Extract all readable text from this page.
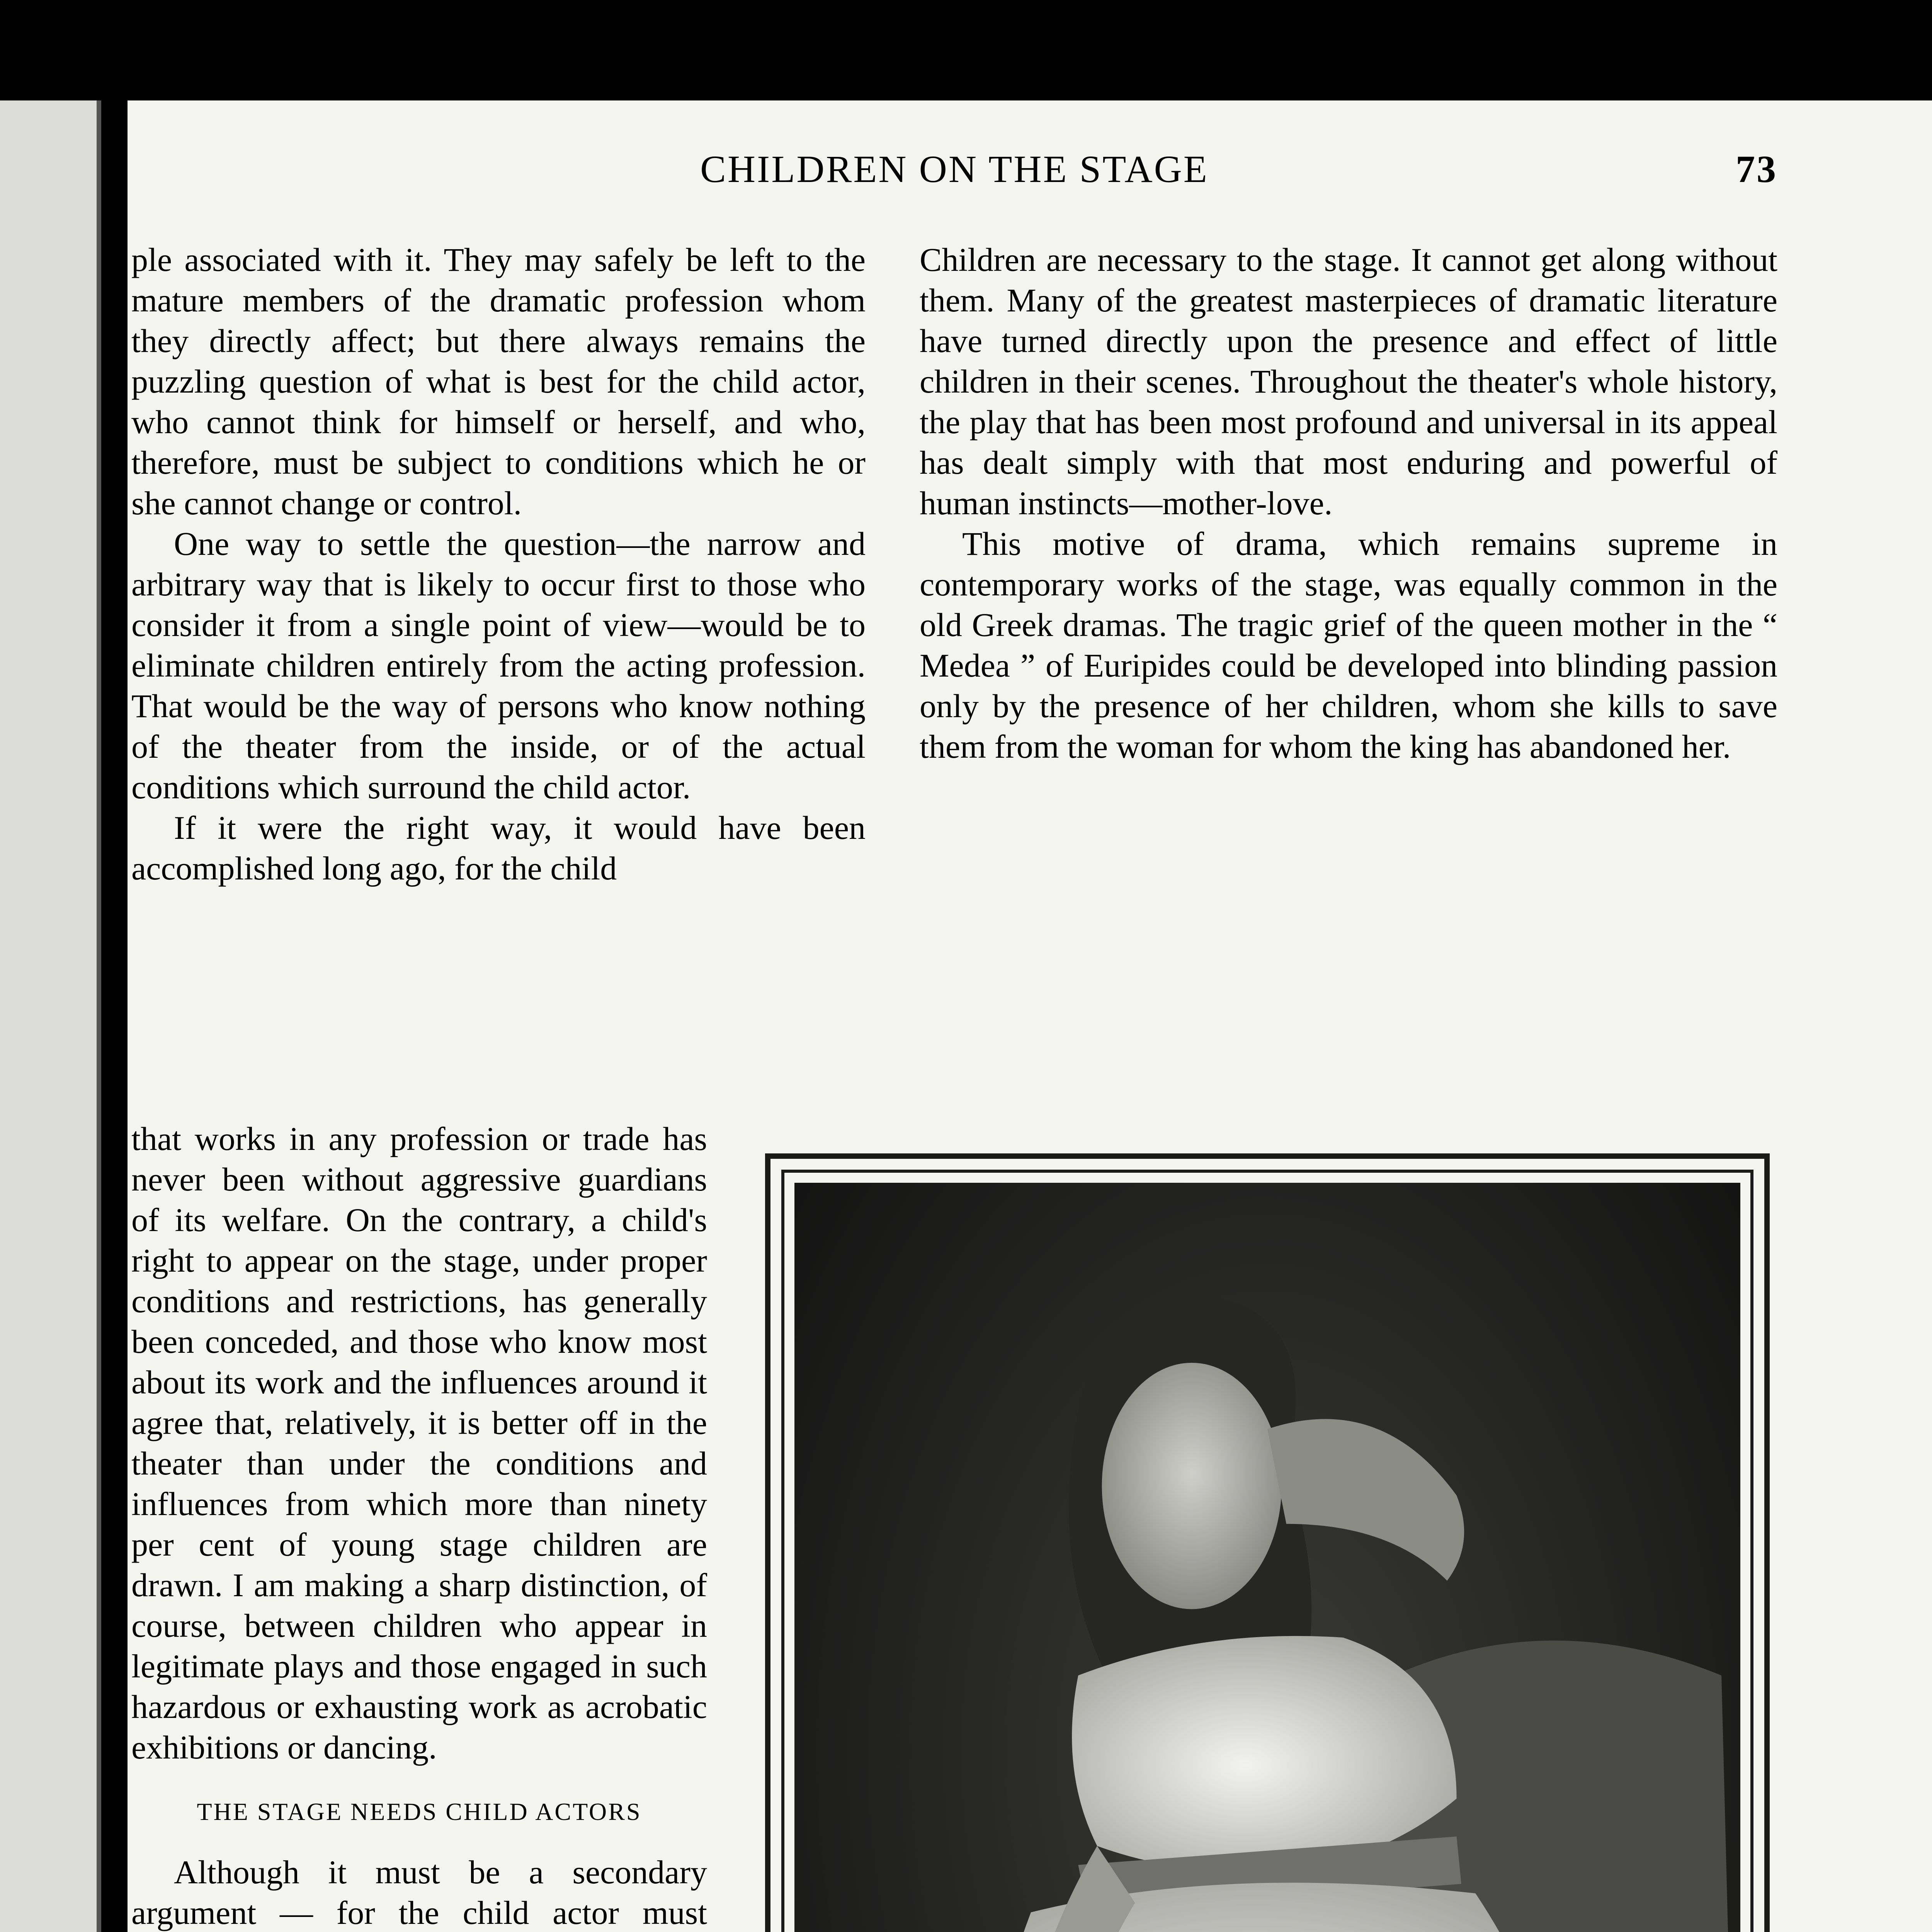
CHILDREN ON THE STAGE	73

ple associated with it. They may safely be left to the mature members of the dramatic profession whom they directly affect; but there always remains the puzzling question of what is best for the child actor, who cannot think for himself or herself, and who, therefore, must be subject to conditions which he or she cannot change or control.

One way to settle the question—the narrow and arbitrary way that is likely to occur first to those who consider it from a single point of view—would be to eliminate children entirely from the acting profession. That would be the way of persons who know nothing of the theater from the inside, or of the actual conditions which surround the child actor.

If it were the right way, it would have been accomplished long ago, for the child

that works in any profession or trade has never been without aggressive guardians of its welfare. On the contrary, a child's right to appear on the stage, under proper conditions and restrictions, has generally been conceded, and those who know most about its work and the influences around it agree that, relatively, it is better off in the theater than under the conditions and influences from which more than ninety per cent of young stage children are drawn. I am making a sharp distinction, of course, between children who appear in legitimate plays and those engaged in such hazardous or exhausting work as acrobatic exhibitions or dancing.

THE STAGE NEEDS CHILD ACTORS

Although it must be a secondary argument — for the child actor must

Children are necessary to the stage. It cannot get along without them. Many of the greatest masterpieces of dramatic literature have turned directly upon the presence and effect of little children in their scenes. Throughout the theater's whole history, the play that has been most profound and universal in its appeal has dealt simply with that most enduring and powerful of human instincts—mother-love.

This motive of drama, which remains supreme in contemporary works of the stage, was equally common in the old Greek dramas. The tragic grief of the queen mother in the “ Medea ” of Euripides could be developed into blinding passion only by the presence of her children, whom she kills to save them from the woman for whom the king has abandoned her.
